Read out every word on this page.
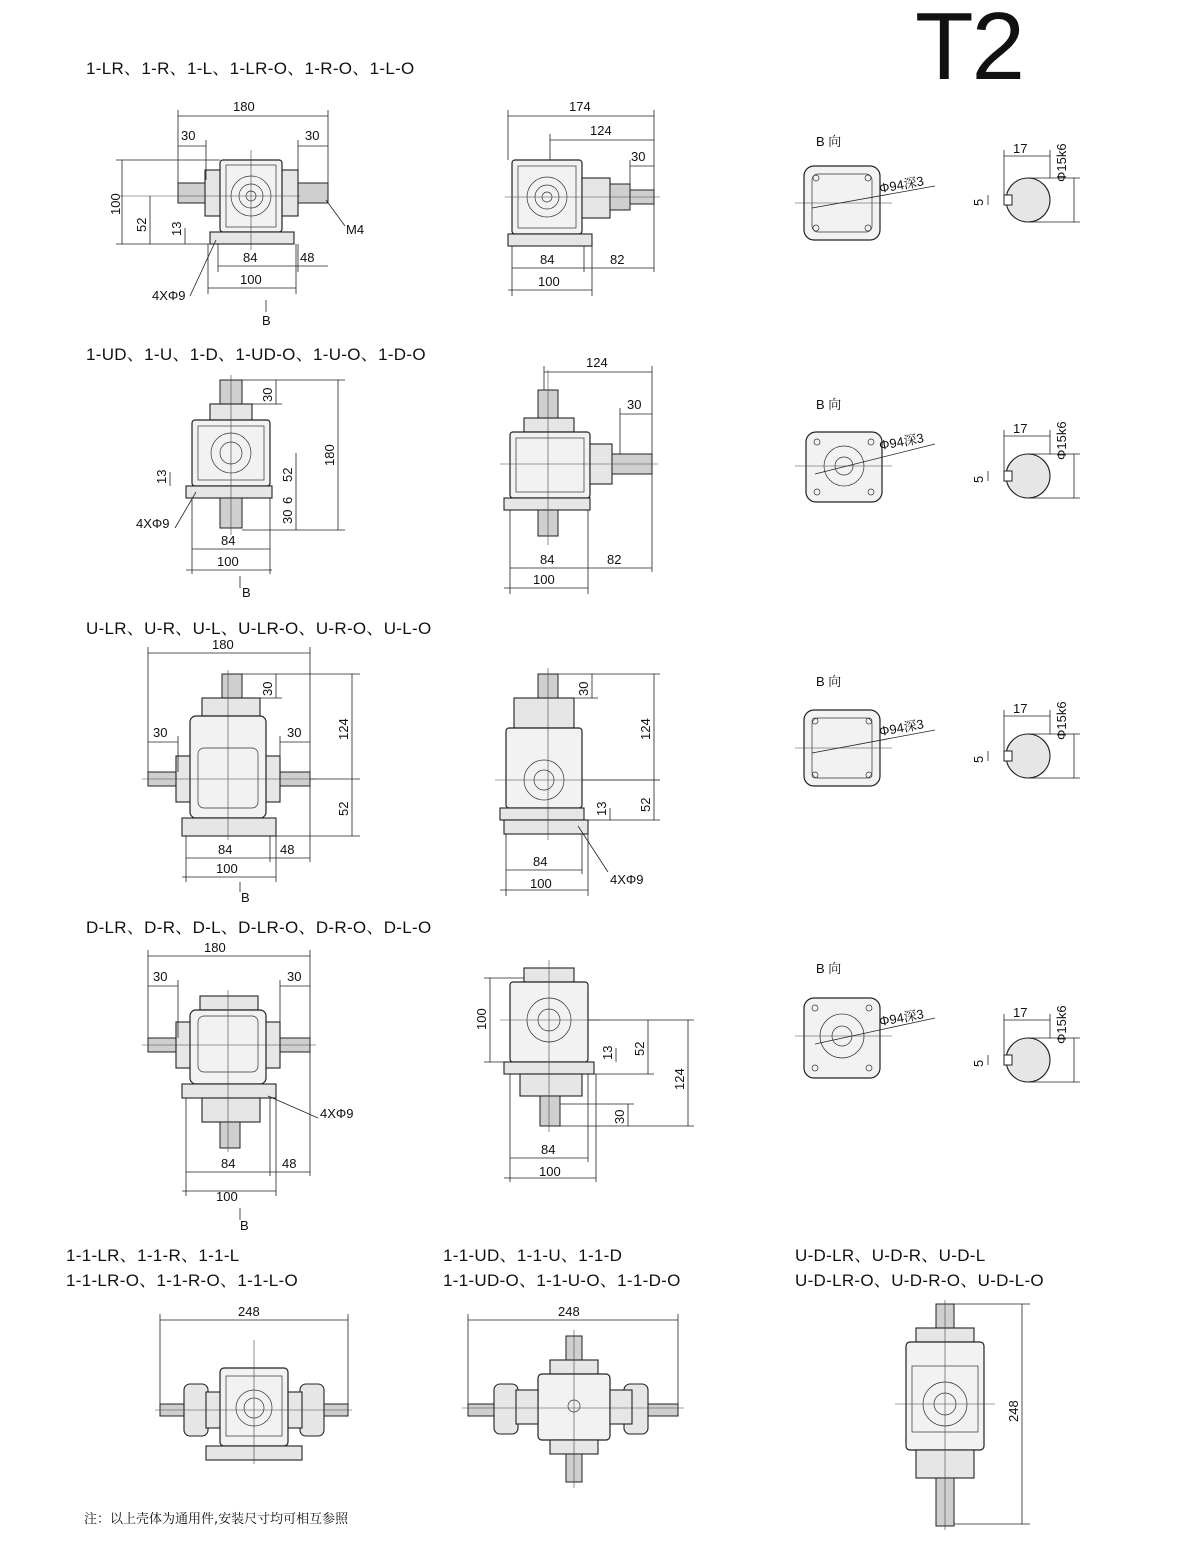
T2
1-LR、1-R、1-L、1-LR-O、1-R-O、1-L-O
1-UD、1-U、1-D、1-UD-O、1-U-O、1-D-O
U-LR、U-R、U-L、U-LR-O、U-R-O、U-L-O
D-LR、D-R、D-L、D-LR-O、D-R-O、D-L-O
1-1-LR、1-1-R、1-1-L
1-1-LR-O、1-1-R-O、1-1-L-O
1-1-UD、1-1-U、1-1-D
1-1-UD-O、1-1-U-O、1-1-D-O
U-D-LR、U-D-R、U-D-L
U-D-LR-O、U-D-R-O、U-D-L-O
注：以上壳体为通用件,安装尺寸均可相互参照
180
30	30
100
52 13	M4
84	48
100
4XΦ9
B
174
124
30
84	82
100
B 向
Φ94深3
17 Φ15k6
5
30
180
13	52
6
30
4XΦ9
84
100
B
124
30
84	82
100
B 向
Φ94深3
17 Φ15k6
5
180
30
124
30	30
52
84	48
100
B
30
124
13 52
84
100	4XΦ9
B 向
Φ94深3
17 Φ15k6
5
180
30	30
4XΦ9
84	48
100
B
100
13 52
124
30
84
100
B 向
Φ94深3	17 Φ15k6
5
248	248
248
